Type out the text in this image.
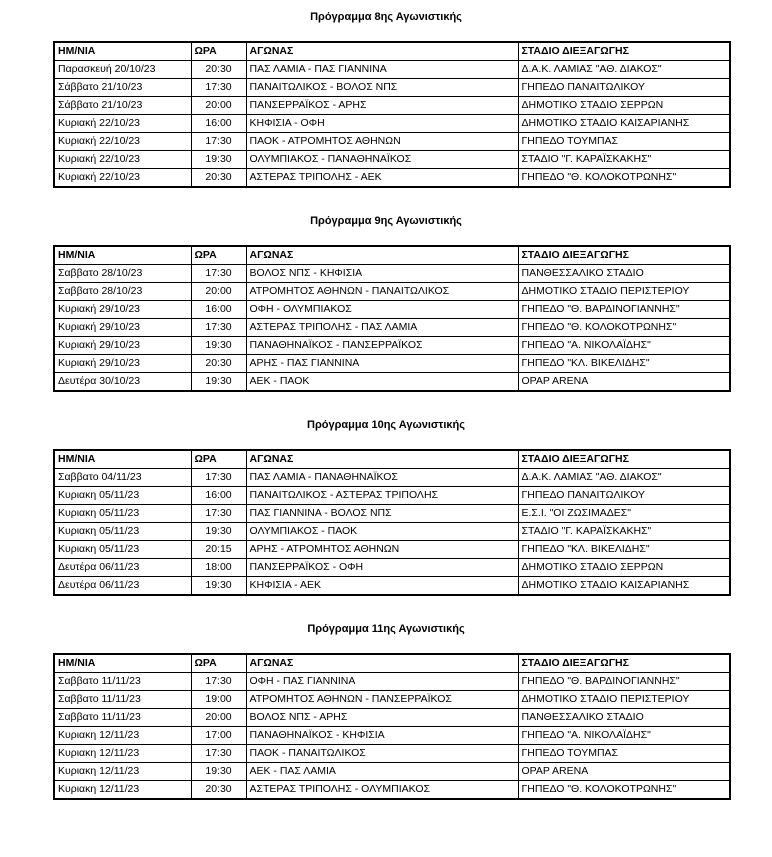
Πρόγραμμα 8ης Αγωνιστικής
ΗΜ/ΝΙΑ	ΩΡΑ	ΑΓΩΝΑΣ	ΣΤΑΔΙΟ ΔΙΕΞΑΓΩΓΗΣ
Παρασκευή 20/10/23	20:30	ΠΑΣ ΛΑΜΙΑ - ΠΑΣ ΓΙΑΝΝΙΝΑ	Δ.Α.Κ. ΛΑΜΙΑΣ "ΑΘ. ΔΙΑΚΟΣ"
Σάββατο 21/10/23	17:30	ΠΑΝΑΙΤΩΛΙΚΟΣ - ΒΟΛΟΣ ΝΠΣ	ΓΗΠΕΔΟ ΠΑΝΑΙΤΩΛΙΚΟΥ
Σάββατο 21/10/23	20:00	ΠΑΝΣΕΡΡΑΪΚΟΣ - ΑΡΗΣ	ΔΗΜΟΤΙΚΟ ΣΤΑΔΙΟ ΣΕΡΡΩΝ
Κυριακή 22/10/23	16:00	ΚΗΦΙΣΙΑ - ΟΦΗ	ΔΗΜΟΤΙΚΟ ΣΤΑΔΙΟ ΚΑΙΣΑΡΙΑΝΗΣ
Κυριακή 22/10/23	17:30	ΠΑΟΚ - ΑΤΡΟΜΗΤΟΣ ΑΘΗΝΩΝ	ΓΗΠΕΔΟ ΤΟΥΜΠΑΣ
Κυριακή 22/10/23	19:30	ΟΛΥΜΠΙΑΚΟΣ - ΠΑΝΑΘΗΝΑΪΚΟΣ	ΣΤΑΔΙΟ "Γ. ΚΑΡΑΪΣΚΑΚΗΣ"
Κυριακή 22/10/23	20:30	ΑΣΤΕΡΑΣ ΤΡΙΠΟΛΗΣ - ΑΕΚ	ΓΗΠΕΔΟ "Θ. ΚΟΛΟΚΟΤΡΩΝΗΣ"
Πρόγραμμα 9ης Αγωνιστικής
ΗΜ/ΝΙΑ	ΩΡΑ	ΑΓΩΝΑΣ	ΣΤΑΔΙΟ ΔΙΕΞΑΓΩΓΗΣ
Σαββατο 28/10/23	17:30	ΒΟΛΟΣ ΝΠΣ - ΚΗΦΙΣΙΑ	ΠΑΝΘΕΣΣΑΛΙΚΟ ΣΤΑΔΙΟ
Σαββατο 28/10/23	20:00	ΑΤΡΟΜΗΤΟΣ ΑΘΗΝΩΝ - ΠΑΝΑΙΤΩΛΙΚΟΣ	ΔΗΜΟΤΙΚΟ ΣΤΑΔΙΟ ΠΕΡΙΣΤΕΡΙΟΥ
Κυριακή 29/10/23	16:00	ΟΦΗ - ΟΛΥΜΠΙΑΚΟΣ	ΓΗΠΕΔΟ "Θ. ΒΑΡΔΙΝΟΓΙΑΝΝΗΣ"
Κυριακή 29/10/23	17:30	ΑΣΤΕΡΑΣ ΤΡΙΠΟΛΗΣ - ΠΑΣ ΛΑΜΙΑ	ΓΗΠΕΔΟ "Θ. ΚΟΛΟΚΟΤΡΩΝΗΣ"
Κυριακή 29/10/23	19:30	ΠΑΝΑΘΗΝΑΪΚΟΣ - ΠΑΝΣΕΡΡΑΪΚΟΣ	ΓΗΠΕΔΟ "Α. ΝΙΚΟΛΑΪΔΗΣ"
Κυριακή 29/10/23	20:30	ΑΡΗΣ - ΠΑΣ ΓΙΑΝΝΙΝΑ	ΓΗΠΕΔΟ "ΚΛ. ΒΙΚΕΛΙΔΗΣ"
Δευτέρα 30/10/23	19:30	ΑΕΚ - ΠΑΟΚ	OPAP ARENA
Πρόγραμμα 10ης Αγωνιστικής
ΗΜ/ΝΙΑ	ΩΡΑ	ΑΓΩΝΑΣ	ΣΤΑΔΙΟ ΔΙΕΞΑΓΩΓΗΣ
Σαββατο 04/11/23	17:30	ΠΑΣ ΛΑΜΙΑ - ΠΑΝΑΘΗΝΑΪΚΟΣ	Δ.Α.Κ. ΛΑΜΙΑΣ "ΑΘ. ΔΙΑΚΟΣ"
Κυριακη 05/11/23	16:00	ΠΑΝΑΙΤΩΛΙΚΟΣ - ΑΣΤΕΡΑΣ ΤΡΙΠΟΛΗΣ	ΓΗΠΕΔΟ ΠΑΝΑΙΤΩΛΙΚΟΥ
Κυριακη 05/11/23	17:30	ΠΑΣ ΓΙΑΝΝΙΝΑ - ΒΟΛΟΣ ΝΠΣ	Ε.Σ.Ι. "ΟΙ ΖΩΣΙΜΑΔΕΣ"
Κυριακη 05/11/23	19:30	ΟΛΥΜΠΙΑΚΟΣ - ΠΑΟΚ	ΣΤΑΔΙΟ "Γ. ΚΑΡΑΪΣΚΑΚΗΣ"
Κυριακη 05/11/23	20:15	ΑΡΗΣ - ΑΤΡΟΜΗΤΟΣ ΑΘΗΝΩΝ	ΓΗΠΕΔΟ "ΚΛ. ΒΙΚΕΛΙΔΗΣ"
Δευτέρα 06/11/23	18:00	ΠΑΝΣΕΡΡΑΪΚΟΣ - ΟΦΗ	ΔΗΜΟΤΙΚΟ ΣΤΑΔΙΟ ΣΕΡΡΩΝ
Δευτέρα 06/11/23	19:30	ΚΗΦΙΣΙΑ - ΑΕΚ	ΔΗΜΟΤΙΚΟ ΣΤΑΔΙΟ ΚΑΙΣΑΡΙΑΝΗΣ
Πρόγραμμα 11ης Αγωνιστικής
ΗΜ/ΝΙΑ	ΩΡΑ	ΑΓΩΝΑΣ	ΣΤΑΔΙΟ ΔΙΕΞΑΓΩΓΗΣ
Σαββατο 11/11/23	17:30	ΟΦΗ - ΠΑΣ ΓΙΑΝΝΙΝΑ	ΓΗΠΕΔΟ "Θ. ΒΑΡΔΙΝΟΓΙΑΝΝΗΣ"
Σαββατο 11/11/23	19:00	ΑΤΡΟΜΗΤΟΣ ΑΘΗΝΩΝ - ΠΑΝΣΕΡΡΑΪΚΟΣ	ΔΗΜΟΤΙΚΟ ΣΤΑΔΙΟ ΠΕΡΙΣΤΕΡΙΟΥ
Σαββατο 11/11/23	20:00	ΒΟΛΟΣ ΝΠΣ - ΑΡΗΣ	ΠΑΝΘΕΣΣΑΛΙΚΟ ΣΤΑΔΙΟ
Κυριακη 12/11/23	17:00	ΠΑΝΑΘΗΝΑΪΚΟΣ - ΚΗΦΙΣΙΑ	ΓΗΠΕΔΟ "Α. ΝΙΚΟΛΑΪΔΗΣ"
Κυριακη 12/11/23	17:30	ΠΑΟΚ - ΠΑΝΑΙΤΩΛΙΚΟΣ	ΓΗΠΕΔΟ ΤΟΥΜΠΑΣ
Κυριακη 12/11/23	19:30	ΑΕΚ - ΠΑΣ ΛΑΜΙΑ	OPAP ARENA
Κυριακη 12/11/23	20:30	ΑΣΤΕΡΑΣ ΤΡΙΠΟΛΗΣ - ΟΛΥΜΠΙΑΚΟΣ	ΓΗΠΕΔΟ "Θ. ΚΟΛΟΚΟΤΡΩΝΗΣ"
